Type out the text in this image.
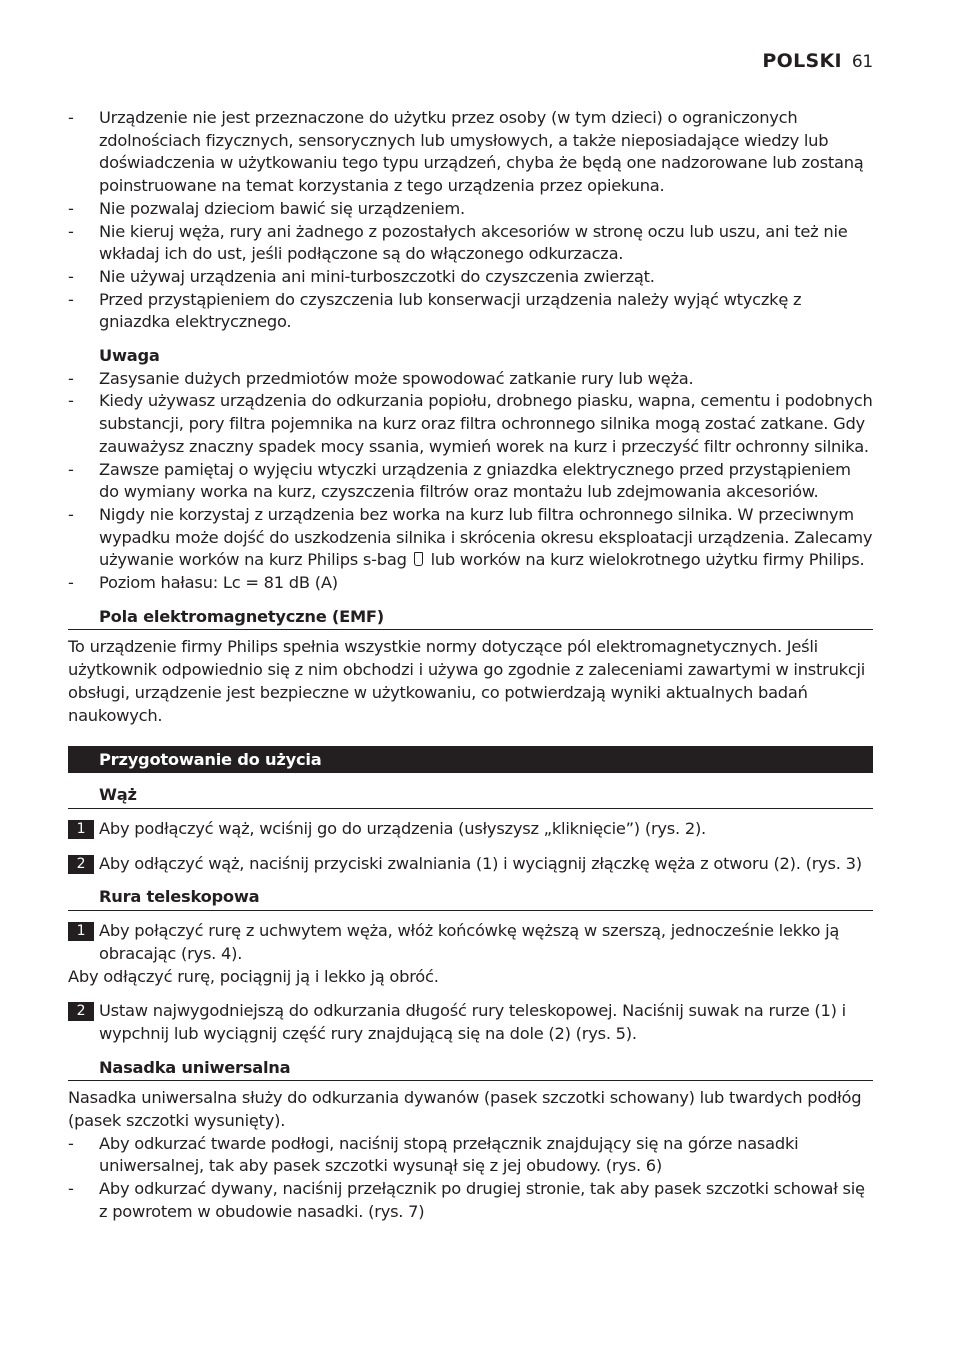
POLSKI 61
-	Urządzenie nie jest przeznaczone do użytku przez osoby (w tym dzieci) o ograniczonych zdolnościach fizycznych, sensorycznych lub umysłowych, a także nieposiadające wiedzy lub doświadczenia w użytkowaniu tego typu urządzeń, chyba że będą one nadzorowane lub zostaną poinstruowane na temat korzystania z tego urządzenia przez opiekuna.
-	Nie pozwalaj dzieciom bawić się urządzeniem.
-	Nie kieruj węża, rury ani żadnego z pozostałych akcesoriów w stronę oczu lub uszu, ani też nie wkładaj ich do ust, jeśli podłączone są do włączonego odkurzacza.
-	Nie używaj urządzenia ani mini-turboszczotki do czyszczenia zwierząt.
-	Przed przystąpieniem do czyszczenia lub konserwacji urządzenia należy wyjąć wtyczkę z gniazdka elektrycznego.
Uwaga
-	Zasysanie dużych przedmiotów może spowodować zatkanie rury lub węża.
-	Kiedy używasz urządzenia do odkurzania popiołu, drobnego piasku, wapna, cementu i podobnych substancji, pory filtra pojemnika na kurz oraz filtra ochronnego silnika mogą zostać zatkane. Gdy zauważysz znaczny spadek mocy ssania, wymień worek na kurz i przeczyść filtr ochronny silnika.
-	Zawsze pamiętaj o wyjęciu wtyczki urządzenia z gniazdka elektrycznego przed przystąpieniem do wymiany worka na kurz, czyszczenia filtrów oraz montażu lub zdejmowania akcesoriów.
-	Nigdy nie korzystaj z urządzenia bez worka na kurz lub filtra ochronnego silnika. W przeciwnym wypadku może dojść do uszkodzenia silnika i skrócenia okresu eksploatacji urządzenia. Zalecamy używanie worków na kurz Philips s-bag lub worków na kurz wielokrotnego użytku firmy Philips.
-	Poziom hałasu: Lc = 81 dB (A)
Pola elektromagnetyczne (EMF)
To urządzenie firmy Philips spełnia wszystkie normy dotyczące pól elektromagnetycznych. Jeśli użytkownik odpowiednio się z nim obchodzi i używa go zgodnie z zaleceniami zawartymi w instrukcji obsługi, urządzenie jest bezpieczne w użytkowaniu, co potwierdzają wyniki aktualnych badań naukowych.
Przygotowanie do użycia
Wąż
1 Aby podłączyć wąż, wciśnij go do urządzenia (usłyszysz „kliknięcie”) (rys. 2).
2 Aby odłączyć wąż, naciśnij przyciski zwalniania (1) i wyciągnij złączkę węża z otworu (2). (rys. 3)
Rura teleskopowa
1 Aby połączyć rurę z uchwytem węża, włóż końcówkę węższą w szerszą, jednocześnie lekko ją obracając (rys. 4).
Aby odłączyć rurę, pociągnij ją i lekko ją obróć.
2 Ustaw najwygodniejszą do odkurzania długość rury teleskopowej. Naciśnij suwak na rurze (1) i wypchnij lub wyciągnij część rury znajdującą się na dole (2) (rys. 5).
Nasadka uniwersalna
Nasadka uniwersalna służy do odkurzania dywanów (pasek szczotki schowany) lub twardych podłóg (pasek szczotki wysunięty).
-	Aby odkurzać twarde podłogi, naciśnij stopą przełącznik znajdujący się na górze nasadki uniwersalnej, tak aby pasek szczotki wysunął się z jej obudowy. (rys. 6)
-	Aby odkurzać dywany, naciśnij przełącznik po drugiej stronie, tak aby pasek szczotki schował się z powrotem w obudowie nasadki. (rys. 7)
